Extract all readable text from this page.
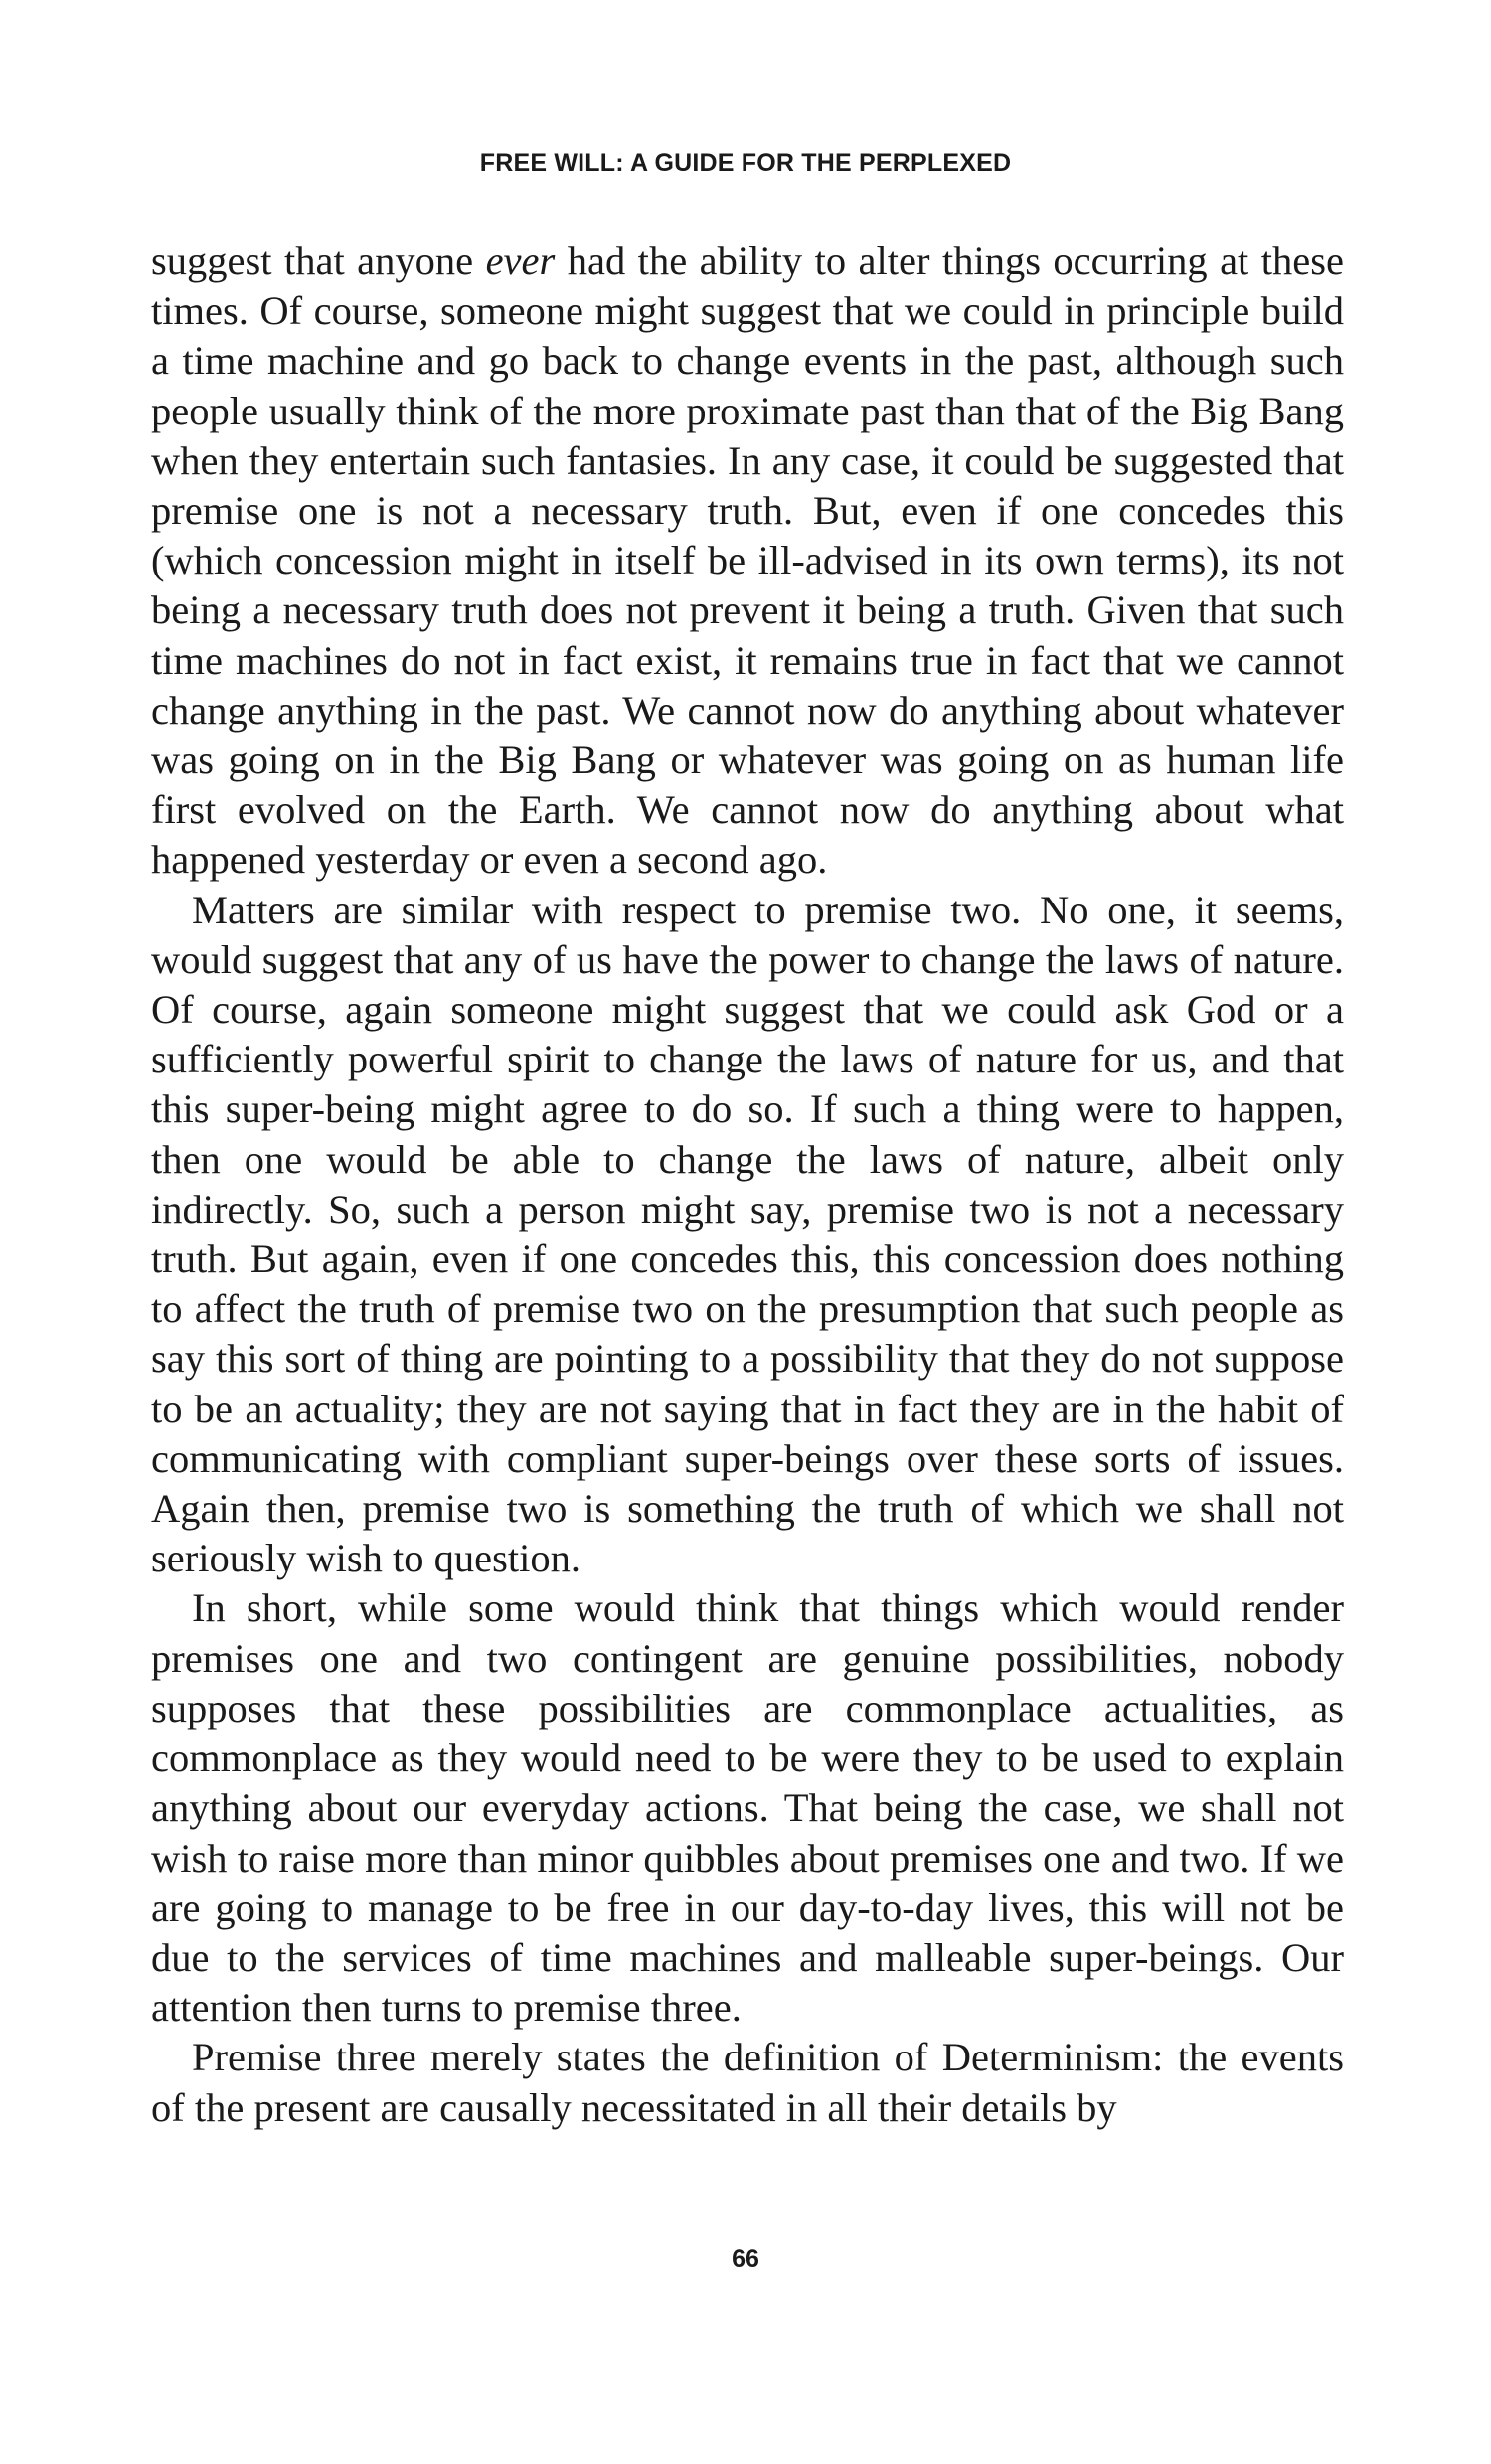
FREE WILL: A GUIDE FOR THE PERPLEXED

suggest that anyone ever had the ability to alter things occurring at these times. Of course, someone might suggest that we could in principle build a time machine and go back to change events in the past, although such people usually think of the more proximate past than that of the Big Bang when they entertain such fantasies. In any case, it could be suggested that premise one is not a necessary truth. But, even if one concedes this (which concession might in itself be ill-advised in its own terms), its not being a necessary truth does not prevent it being a truth. Given that such time machines do not in fact exist, it remains true in fact that we cannot change anything in the past. We cannot now do anything about whatever was going on in the Big Bang or whatever was going on as human life first evolved on the Earth. We cannot now do anything about what happened yesterday or even a second ago.

Matters are similar with respect to premise two. No one, it seems, would suggest that any of us have the power to change the laws of nature. Of course, again someone might suggest that we could ask God or a sufficiently powerful spirit to change the laws of nature for us, and that this super-being might agree to do so. If such a thing were to happen, then one would be able to change the laws of nature, albeit only indirectly. So, such a person might say, premise two is not a necessary truth. But again, even if one concedes this, this concession does nothing to affect the truth of premise two on the presumption that such people as say this sort of thing are pointing to a possibility that they do not suppose to be an actuality; they are not saying that in fact they are in the habit of communicating with compliant super-beings over these sorts of issues. Again then, premise two is something the truth of which we shall not seriously wish to question.

In short, while some would think that things which would render premises one and two contingent are genuine possibilities, nobody supposes that these possibilities are commonplace actualities, as commonplace as they would need to be were they to be used to explain anything about our everyday actions. That being the case, we shall not wish to raise more than minor quibbles about premises one and two. If we are going to manage to be free in our day-to-day lives, this will not be due to the services of time machines and malleable super-beings. Our attention then turns to premise three.

Premise three merely states the definition of Determinism: the events of the present are causally necessitated in all their details by

66
